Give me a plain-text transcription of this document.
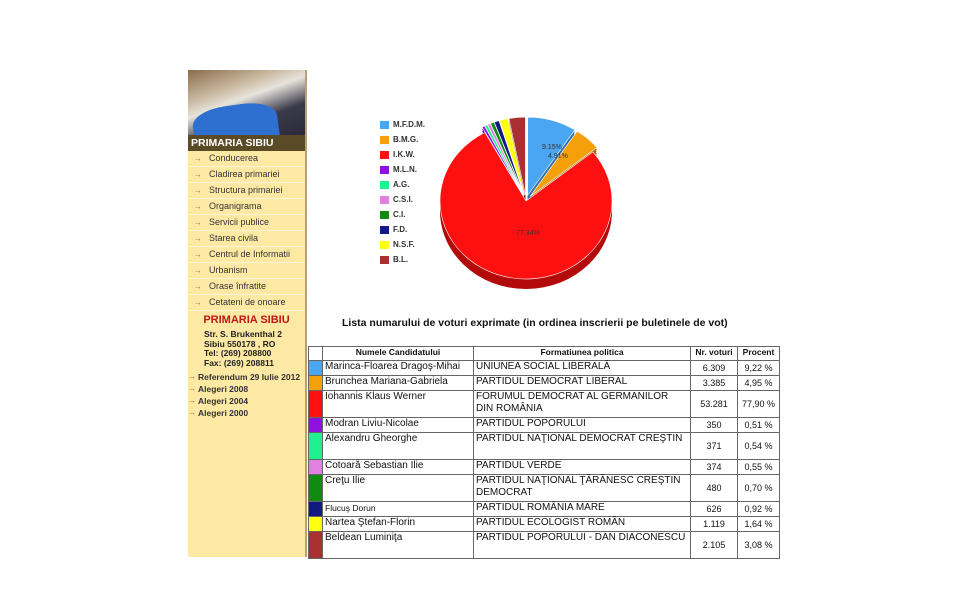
PRIMARIA SIBIU
→ Conducerea
→ Cladirea primariei
→ Structura primariei
→ Organigrama
→ Servicii publice
→ Starea civila
→ Centrul de Informatii
→ Urbanism
→ Orase înfratite
→ Cetateni de onoare
PRIMARIA SIBIU
Str. S. Brukenthal 2
Sibiu 550178 , RO
Tel: (269) 208800
Fax: (269) 208811
→ Referendum 29 Iulie 2012
→ Alegeri 2008
→ Alegeri 2004
→ Alegeri 2000
M.F.D.M.
B.M.G.
I.K.W.
M.L.N.
A.G.
C.S.I.
C.I.
F.D.
N.S.F.
B.L.
9.15%
4.91%
77.34%
Lista numarului de voturi exprimate (in ordinea inscrierii pe buletinele de vot)
	Numele Candidatului	Formatiunea politica	Nr. voturi	Procent
	Marinca-Floarea Dragoş-Mihai	UNIUNEA SOCIAL LIBERALĂ	6.309	9,22 %
	Brunchea Mariana-Gabriela	PARTIDUL DEMOCRAT LIBERAL	3.385	4,95 %
	Iohannis Klaus Werner	FORUMUL DEMOCRAT AL GERMANILOR DIN ROMÂNIA	53.281	77,90 %
	Modran Liviu-Nicolae	PARTIDUL POPORULUI	350	0,51 %
	Alexandru Gheorghe	PARTIDUL NAŢIONAL DEMOCRAT CREŞTIN	371	0,54 %
	Cotoară Sebastian Ilie	PARTIDUL VERDE	374	0,55 %
	Creţu Ilie	PARTIDUL NAŢIONAL ŢĂRĂNESC CREŞTIN DEMOCRAT	480	0,70 %
	Flucuş Dorun	PARTIDUL ROMÂNIA MARE	626	0,92 %
	Nartea Ştefan-Florin	PARTIDUL ECOLOGIST ROMÂN	1.119	1,64 %
	Beldean Luminiţa	PARTIDUL POPORULUI - DAN DIACONESCU	2.105	3,08 %
